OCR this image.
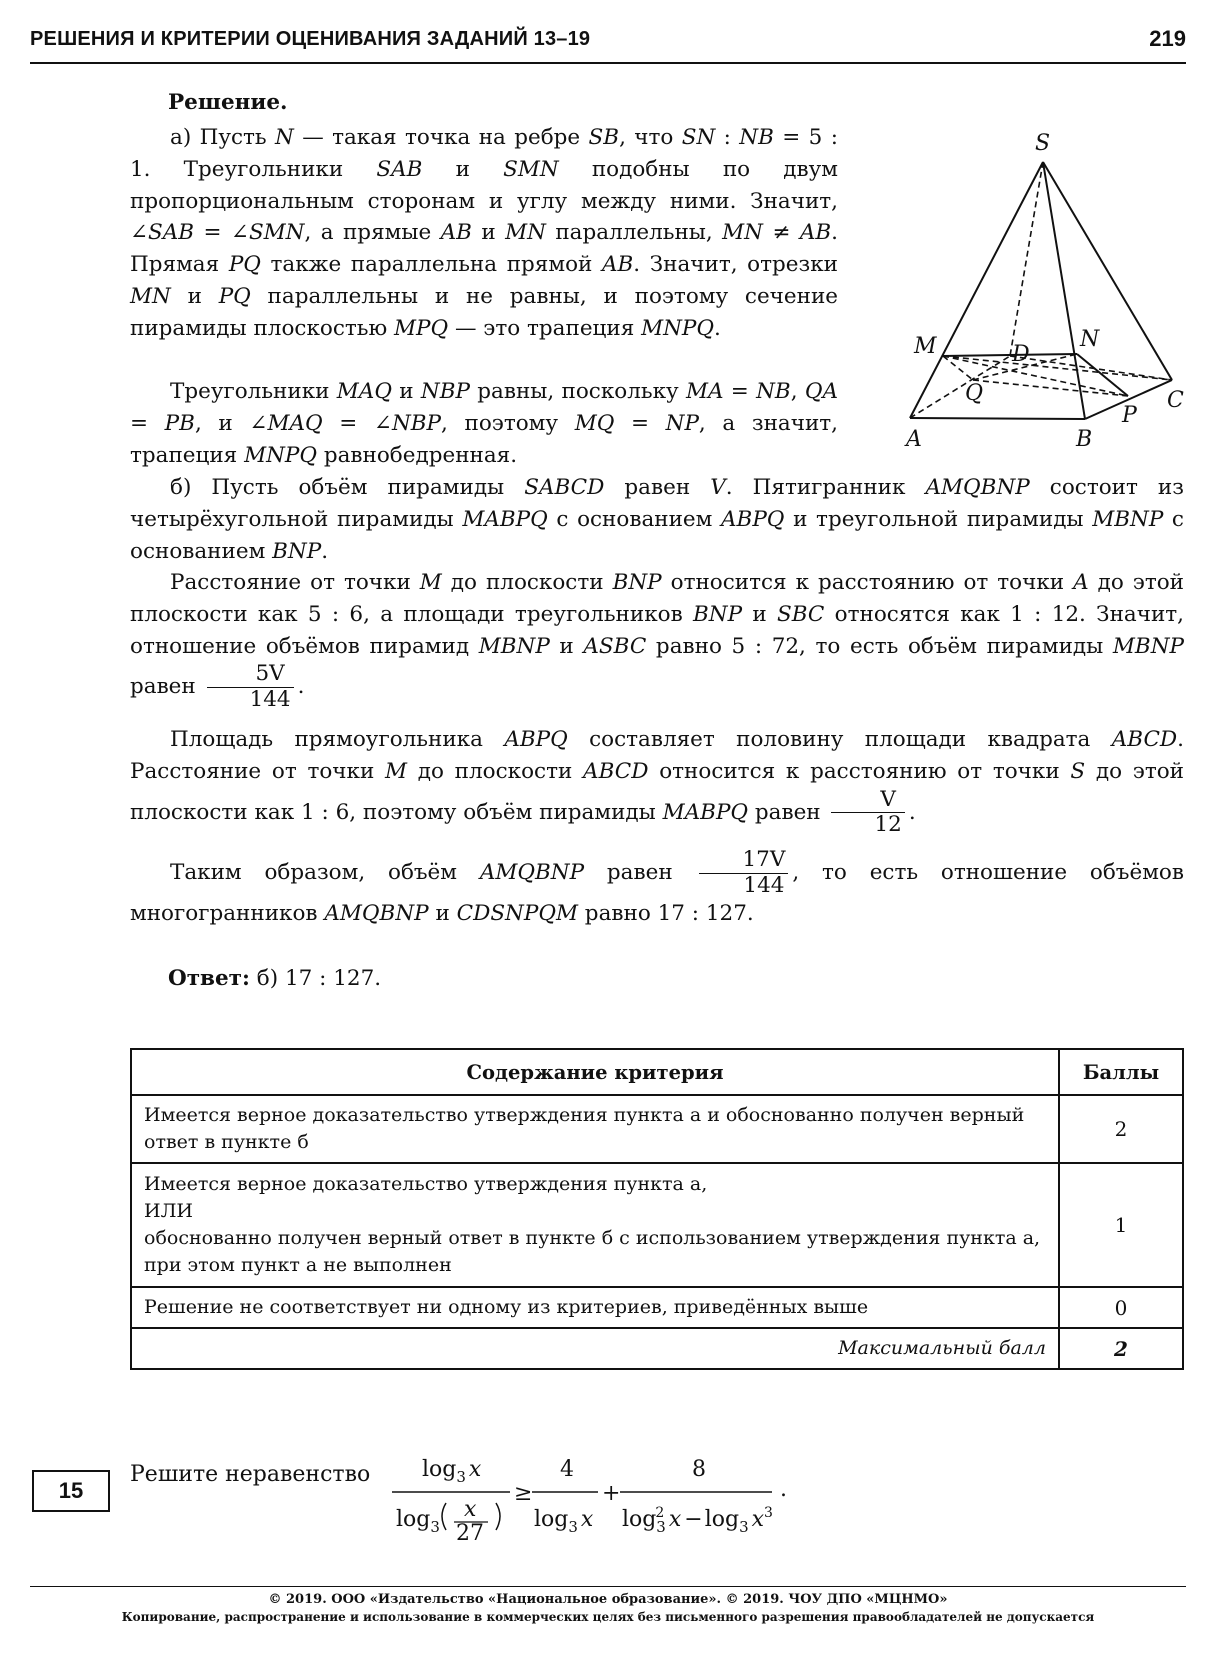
РЕШЕНИЯ И КРИТЕРИИ ОЦЕНИВАНИЯ ЗАДАНИЙ 13–19	219

Решение.

а) Пусть N — такая точка на ребре SB, что SN : NB = 5 : 1. Треугольники SAB и SMN подобны по двум пропорциональным сторонам и углу между ними. Значит, ∠SAB = ∠SMN, а прямые AB и MN параллельны, MN ≠ AB. Прямая PQ также параллельна прямой AB. Значит, отрезки MN и PQ параллельны и не равны, и поэтому сечение пирамиды плоскостью MPQ — это трапеция MNPQ.

Треугольники MAQ и NBP равны, поскольку MA = NB, QA = PB, и ∠MAQ = ∠NBP, поэтому MQ = NP, а значит, трапеция MNPQ равнобедренная.

S
M	N
D
Q	C
P
A	B

б) Пусть объём пирамиды SABCD равен V. Пятигранник AMQBNP состоит из четырёхугольной пирамиды MABPQ с основанием ABPQ и треугольной пирамиды MBNP с основанием BNP.

Расстояние от точки M до плоскости BNP относится к расстоянию от точки A до этой плоскости как 5 : 6, а площади треугольников BNP и SBC относятся как 1 : 12. Значит, отношение объёмов пирамид MBNP и ASBC равно 5 : 72, то есть объём пирамиды MBNP равен $\frac{5V}{144}$ .

Площадь прямоугольника ABPQ составляет половину площади квадрата ABCD. Расстояние от точки M до плоскости ABCD относится к расстоянию от точки S до этой плоскости как 1 : 6, поэтому объём пирамиды MABPQ равен $\frac{V}{12}$ .

Таким образом, объём AMQBNP равен $\frac{17V}{144}$ , то есть отношение объёмов многогранников AMQBNP и CDSNPQM равно 17 : 127.

Ответ: б) 17 : 127.

Содержание критерия	Баллы
Имеется верное доказательство утверждения пункта а и обоснованно получен верный ответ в пункте б	2

Имеется верное доказательство утверждения пункта а,
ИЛИ
обоснованно получен верный ответ в пункте б с использованием утверждения пункта а, при этом пункт а не выполнен	1
Решение не соответствует ни одному из критериев, приведённых выше	0
Максимальный балл	2
15
Решите неравенство $\log_3 x$
$\log_3$
x
27
≥
4
$\log_3 x$
+
8
log2 3 $x -\log_3$ $x^3$
.
© 2019. ООО «Издательство «Национальное образование». © 2019. ЧОУ ДПО «МЦНМО»
Копирование, распространение и использование в коммерческих целях без письменного разрешения правообладателей не допускается
